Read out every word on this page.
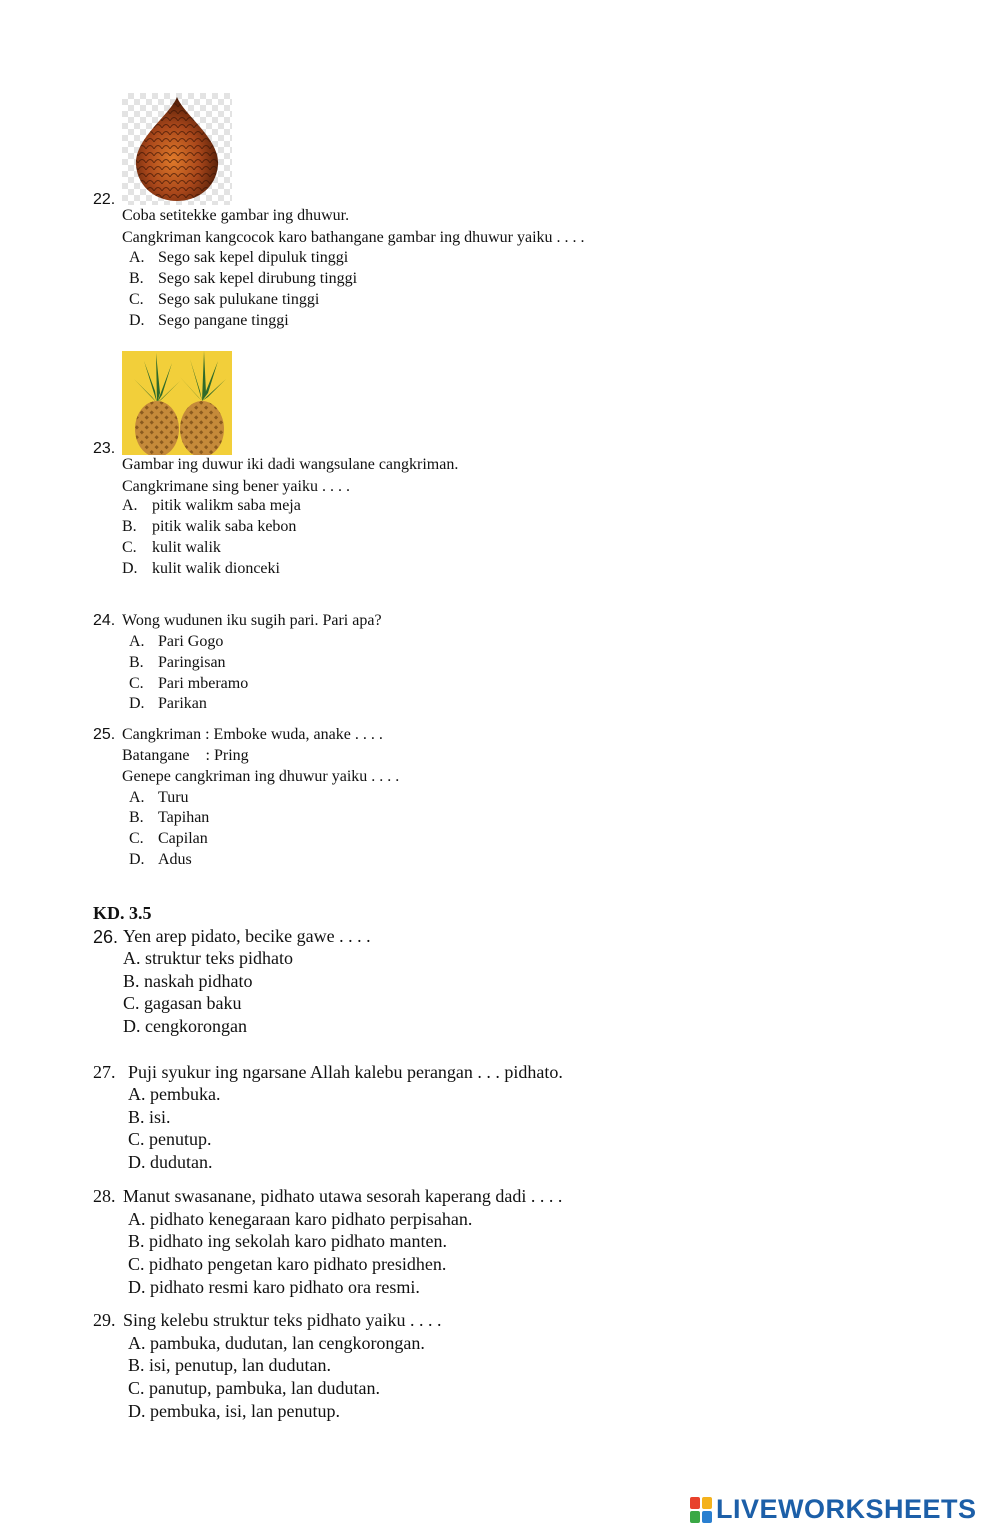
22.
Coba setitekke gambar ing dhuwur.
Cangkriman kangcocok karo bathangane gambar ing dhuwur yaiku . . . .
A. Sego sak kepel dipuluk tinggi
B. Sego sak kepel dirubung tinggi
C. Sego sak pulukane tinggi
D. Sego pangane tinggi
23.
Gambar ing duwur iki dadi wangsulane cangkriman.
Cangkrimane sing bener yaiku . . . .
A. pitik walikm saba meja
B. pitik walik saba kebon
C. kulit walik
D. kulit walik dionceki
24. Wong wudunen iku sugih pari. Pari apa?
A. Pari Gogo
B. Paringisan
C. Pari mberamo
D. Parikan
25. Cangkriman : Emboke wuda, anake . . . .
Batangane    : Pring
Genepe cangkriman ing dhuwur yaiku . . . .
A. Turu
B. Tapihan
C. Capilan
D. Adus
KD. 3.5
26. Yen arep pidato, becike gawe . . . .
A. struktur teks pidhato
B. naskah pidhato
C. gagasan baku
D. cengkorongan
27. Puji syukur ing ngarsane Allah kalebu perangan . . . pidhato.
A. pembuka.
B. isi.
C. penutup.
D. dudutan.
28. Manut swasanane, pidhato utawa sesorah kaperang dadi . . . .
A. pidhato kenegaraan karo pidhato perpisahan.
B. pidhato ing sekolah karo pidhato manten.
C. pidhato pengetan karo pidhato presidhen.
D. pidhato resmi karo pidhato ora resmi.
29. Sing kelebu struktur teks pidhato yaiku . . . .
A. pambuka, dudutan, lan cengkorongan.
B. isi, penutup, lan dudutan.
C. panutup, pambuka, lan dudutan.
D. pembuka, isi, lan penutup.
LIVEWORKSHEETS
